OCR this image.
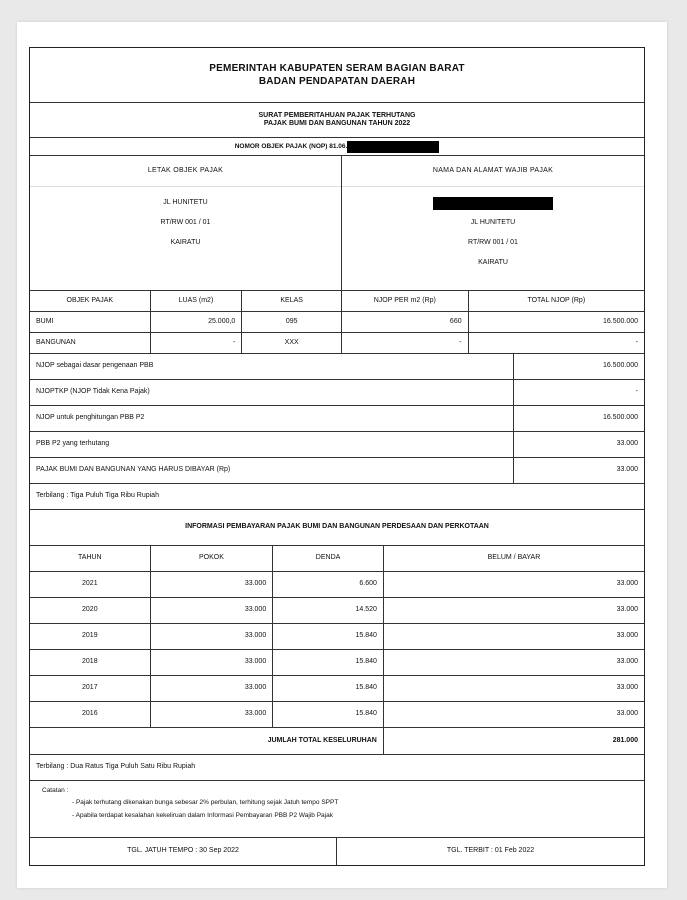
PEMERINTAH KABUPATEN SERAM BAGIAN BARAT
BADAN PENDAPATAN DAERAH
SURAT PEMBERITAHUAN PAJAK TERHUTANG
PAJAK BUMI DAN BANGUNAN TAHUN 2022
NOMOR OBJEK PAJAK (NOP) 81.06.
LETAK OBJEK PAJAK
JL HUNITETU
RT/RW 001 / 01
KAIRATU
NAMA DAN ALAMAT WAJIB PAJAK
JL HUNITETU
RT/RW 001 / 01
KAIRATU
OBJEK PAJAK	LUAS (m2)	KELAS	NJOP PER m2 (Rp)	TOTAL NJOP (Rp)
BUMI	25.000,0	095	660	16.500.000
BANGUNAN	-	XXX	-	-
NJOP sebagai dasar pengenaan PBB	16.500.000
NJOPTKP (NJOP Tidak Kena Pajak)	-
NJOP untuk penghitungan PBB P2	16.500.000
PBB P2 yang terhutang	33.000
PAJAK BUMI DAN BANGUNAN YANG HARUS DIBAYAR (Rp)	33.000
Terbilang : Tiga Puluh Tiga Ribu Rupiah
INFORMASI PEMBAYARAN PAJAK BUMI DAN BANGUNAN PERDESAAN DAN PERKOTAAN
TAHUN	POKOK	DENDA	BELUM / BAYAR
2021	33.000	6.600	33.000
2020	33.000	14.520	33.000
2019	33.000	15.840	33.000
2018	33.000	15.840	33.000
2017	33.000	15.840	33.000
2016	33.000	15.840	33.000
JUMLAH TOTAL KESELURUHAN	281.000
Terbilang : Dua Ratus Tiga Puluh Satu Ribu Rupiah
Catatan :
- Pajak terhutang dikenakan bunga sebesar 2% perbulan, terhitung sejak Jatuh tempo SPPT
- Apabila terdapat kesalahan kekeliruan dalam Informasi Pembayaran PBB P2 Wajib Pajak
TGL. JATUH TEMPO : 30 Sep 2022	TGL. TERBIT : 01 Feb 2022
